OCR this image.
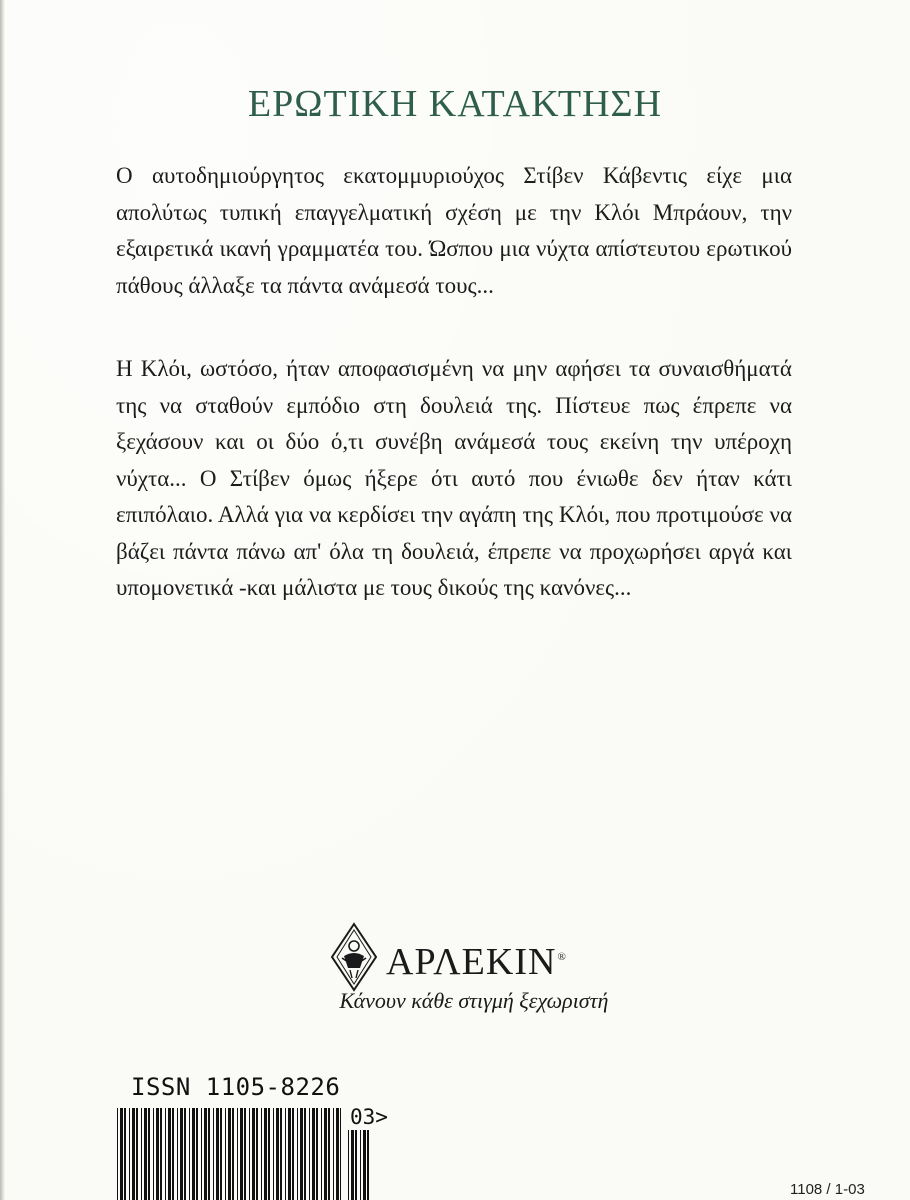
ΕΡΩΤΙΚΗ ΚΑΤΑΚΤΗΣΗ

Ο αυτοδημιούργητος εκατομμυριούχος Στίβεν Κάβεντις είχε μια απολύτως τυπική επαγγελματική σχέση με την Κλόι Μπράουν, την εξαιρετικά ικανή γραμματέα του. Ώσπου μια νύχτα απίστευτου ερωτικού πάθους άλλαξε τα πάντα ανάμεσά τους...

Η Κλόι, ωστόσο, ήταν αποφασισμένη να μην αφήσει τα συναισθήματά της να σταθούν εμπόδιο στη δουλειά της. Πίστευε πως έπρεπε να ξεχάσουν και οι δύο ό,τι συνέβη ανάμεσά τους εκείνη την υπέροχη νύχτα... Ο Στίβεν όμως ήξερε ότι αυτό που ένιωθε δεν ήταν κάτι επιπόλαιο. Αλλά για να κερδίσει την αγάπη της Κλόι, που προτιμούσε να βάζει πάντα πάνω απ' όλα τη δουλειά, έπρεπε να προχωρήσει αργά και υπομονετικά -και μάλιστα με τους δικούς της κανόνες...

ΑΡΛΕΚΙΝ®
Κάνουν κάθε στιγμή ξεχωριστή
ISSN 1105-8226
03>
1108 / 1-03
